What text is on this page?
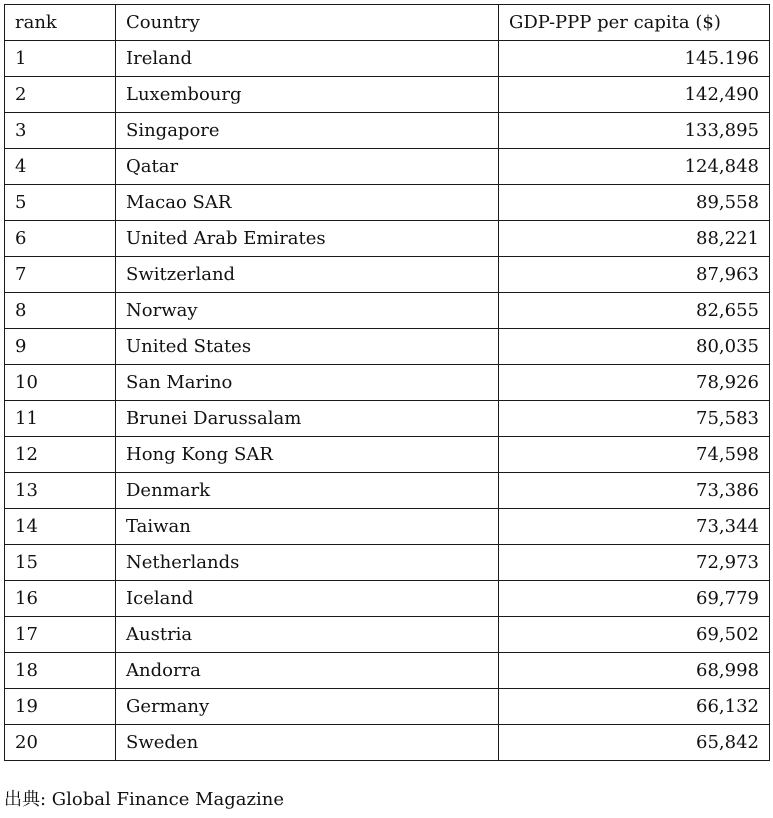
rank	Country	GDP-PPP per capita ($)
1	Ireland	145.196
2	Luxembourg	142,490
3	Singapore	133,895
4	Qatar	124,848
5	Macao SAR	89,558
6	United Arab Emirates	88,221
7	Switzerland	87,963
8	Norway	82,655
9	United States	80,035
10	San Marino	78,926
11	Brunei Darussalam	75,583
12	Hong Kong SAR	74,598
13	Denmark	73,386
14	Taiwan	73,344
15	Netherlands	72,973
16	Iceland	69,779
17	Austria	69,502
18	Andorra	68,998
19	Germany	66,132
20	Sweden	65,842
出典: Global Finance Magazine
